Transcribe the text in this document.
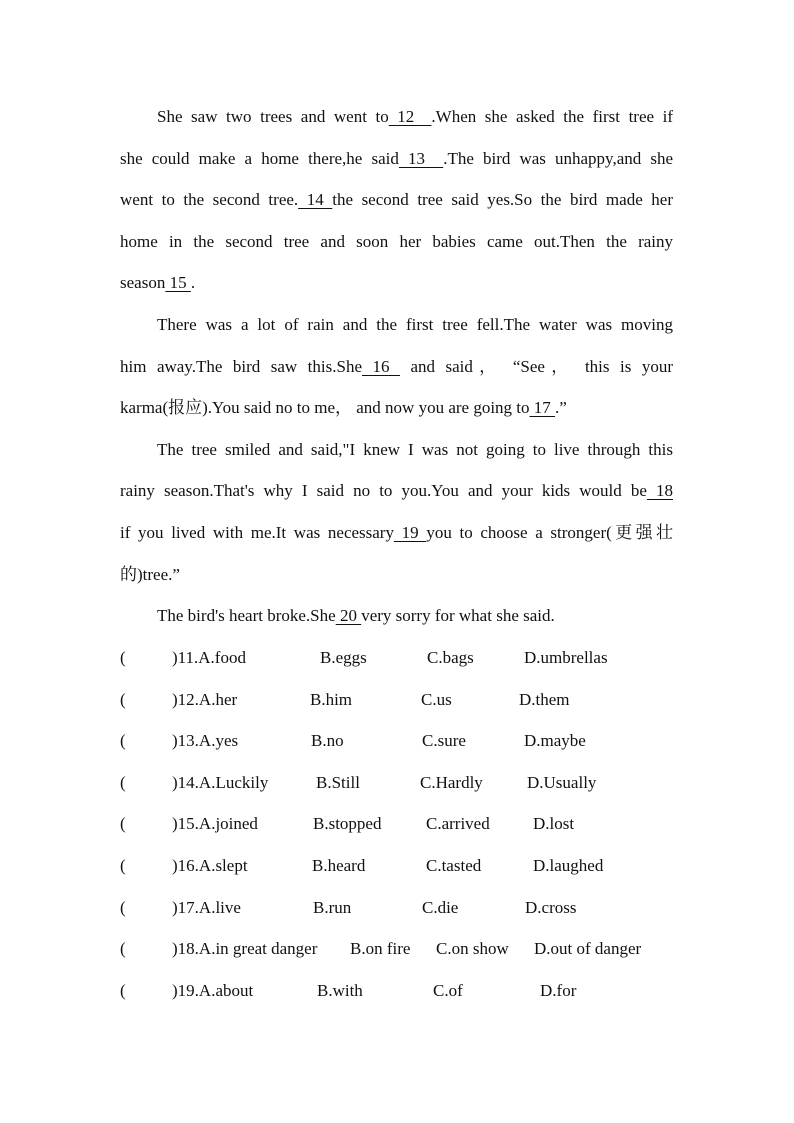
She saw two trees and went to 12  .When she asked the first tree if
she could make a home there,he said 13  .The bird was unhappy,and she
went to the second tree. 14 the second tree said yes.So the bird made her
home in the second tree and soon her babies came out.Then the rainy
season 15 .
There was a lot of rain and the first tree fell.The water was moving
him away.The bird saw this.She 16  and said， “See， this is your
karma(报应).You said no to me， and now you are going to 17 .”
The tree smiled and said,"I knew I was not going to live through this
rainy season.That's why I said no to you.You and your kids would be 18
if you lived with me.It was necessary 19 you to choose a stronger(更强壮
的)tree.”
The bird's heart broke.She 20 very sorry for what she said.
(	)11.A.food	B.eggs	C.bags	D.umbrellas
(	)12.A.her	B.him	C.us	D.them
(	)13.A.yes	B.no	C.sure	D.maybe
(	)14.A.Luckily	B.Still	C.Hardly	D.Usually
(	)15.A.joined	B.stopped	C.arrived	D.lost
(	)16.A.slept	B.heard	C.tasted	D.laughed
(	)17.A.live	B.run	C.die	D.cross
(	)18.A.in great danger B.on fire C.on show D.out of danger
(	)19.A.about	B.with	C.of	D.for
